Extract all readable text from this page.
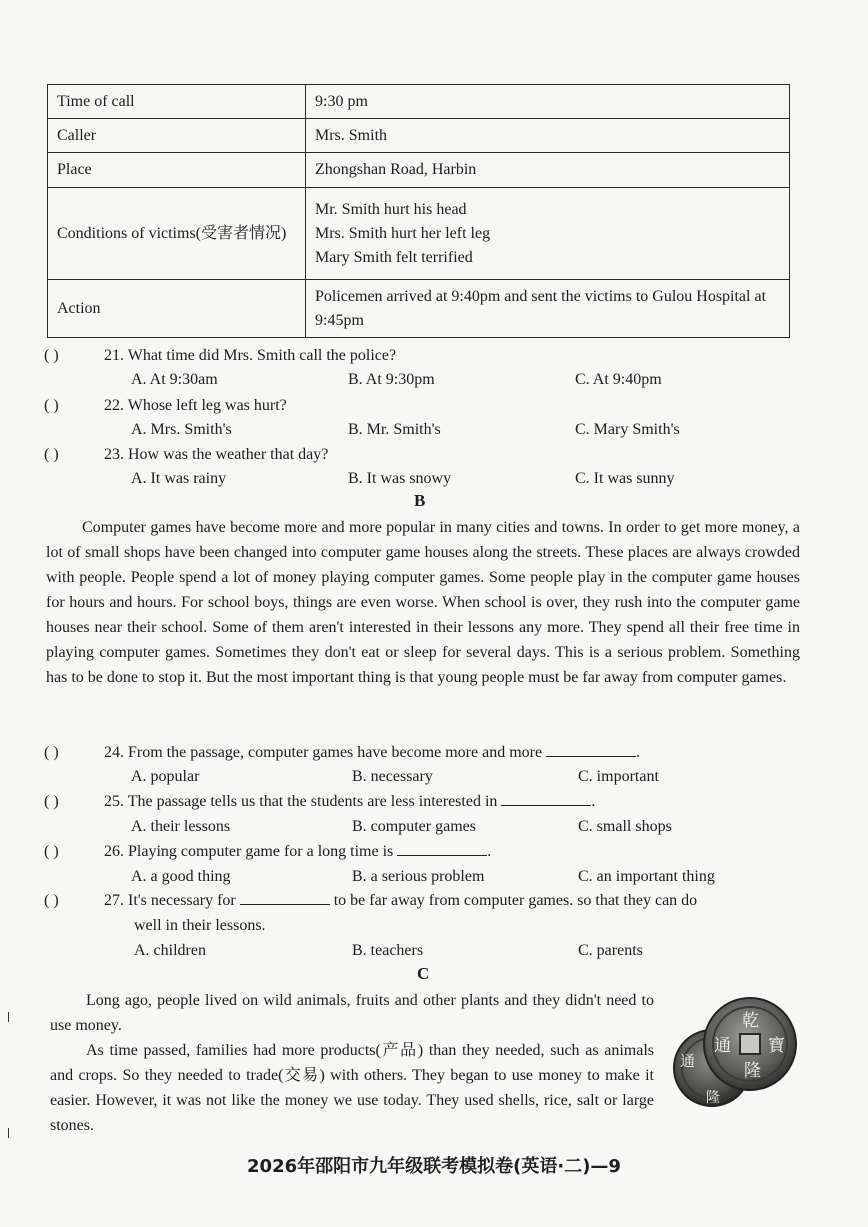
Time of call	9:30 pm
Caller	Mrs. Smith
Place	Zhongshan Road, Harbin
Conditions of victims(受害者情况)	Mr. Smith hurt his head
Mrs. Smith hurt her left leg
Mary Smith felt terrified

Action	Policemen arrived at 9:40pm and sent the victims to Gulou Hospital at 9:45pm
( )	21. What time did Mrs. Smith call the police?
A. At 9:30am	B. At 9:30pm	C. At 9:40pm
( )	22. Whose left leg was hurt?
A. Mrs. Smith's	B. Mr. Smith's	C. Mary Smith's
( )	23. How was the weather that day?
A. It was rainy	B. It was snowy	C. It was sunny
B

Computer games have become more and more popular in many cities and towns. In order to get more money, a lot of small shops have been changed into computer game houses along the streets. These places are always crowded with people. People spend a lot of money playing computer games. Some people play in the computer game houses for hours and hours. For school boys, things are even worse. When school is over, they rush into the computer game houses near their school. Some of them aren't interested in their lessons any more. They spend all their free time in playing computer games. Sometimes they don't eat or sleep for several days. This is a serious problem. Something has to be done to stop it. But the most important thing is that young people must be far away from computer games.

( )	24. From the passage, computer games have become more and more	.
A. popular	B. necessary	C. important
( )	25. The passage tells us that the students are less interested in	.
A. their lessons	B. computer games	C. small shops
( )	26. Playing computer game for a long time is	.
A. a good thing	B. a serious problem	C. an important thing
( )	27. It's necessary for	to be far away from computer games. so that they can do
well in their lessons.
A. children	B. teachers	C. parents
C

Long ago, people lived on wild animals, fruits and other plants and they didn't need to use money.

As time passed, families had more products(产品) than they needed, such as animals and crops. So they needed to trade(交易) with others. They began to use money to make it easier. However, it was not like the money we use today. They used shells, rice, salt or large stones.

通
隆
乾
隆
通 寶
2026年邵阳市九年级联考模拟卷(英语·二)—9
